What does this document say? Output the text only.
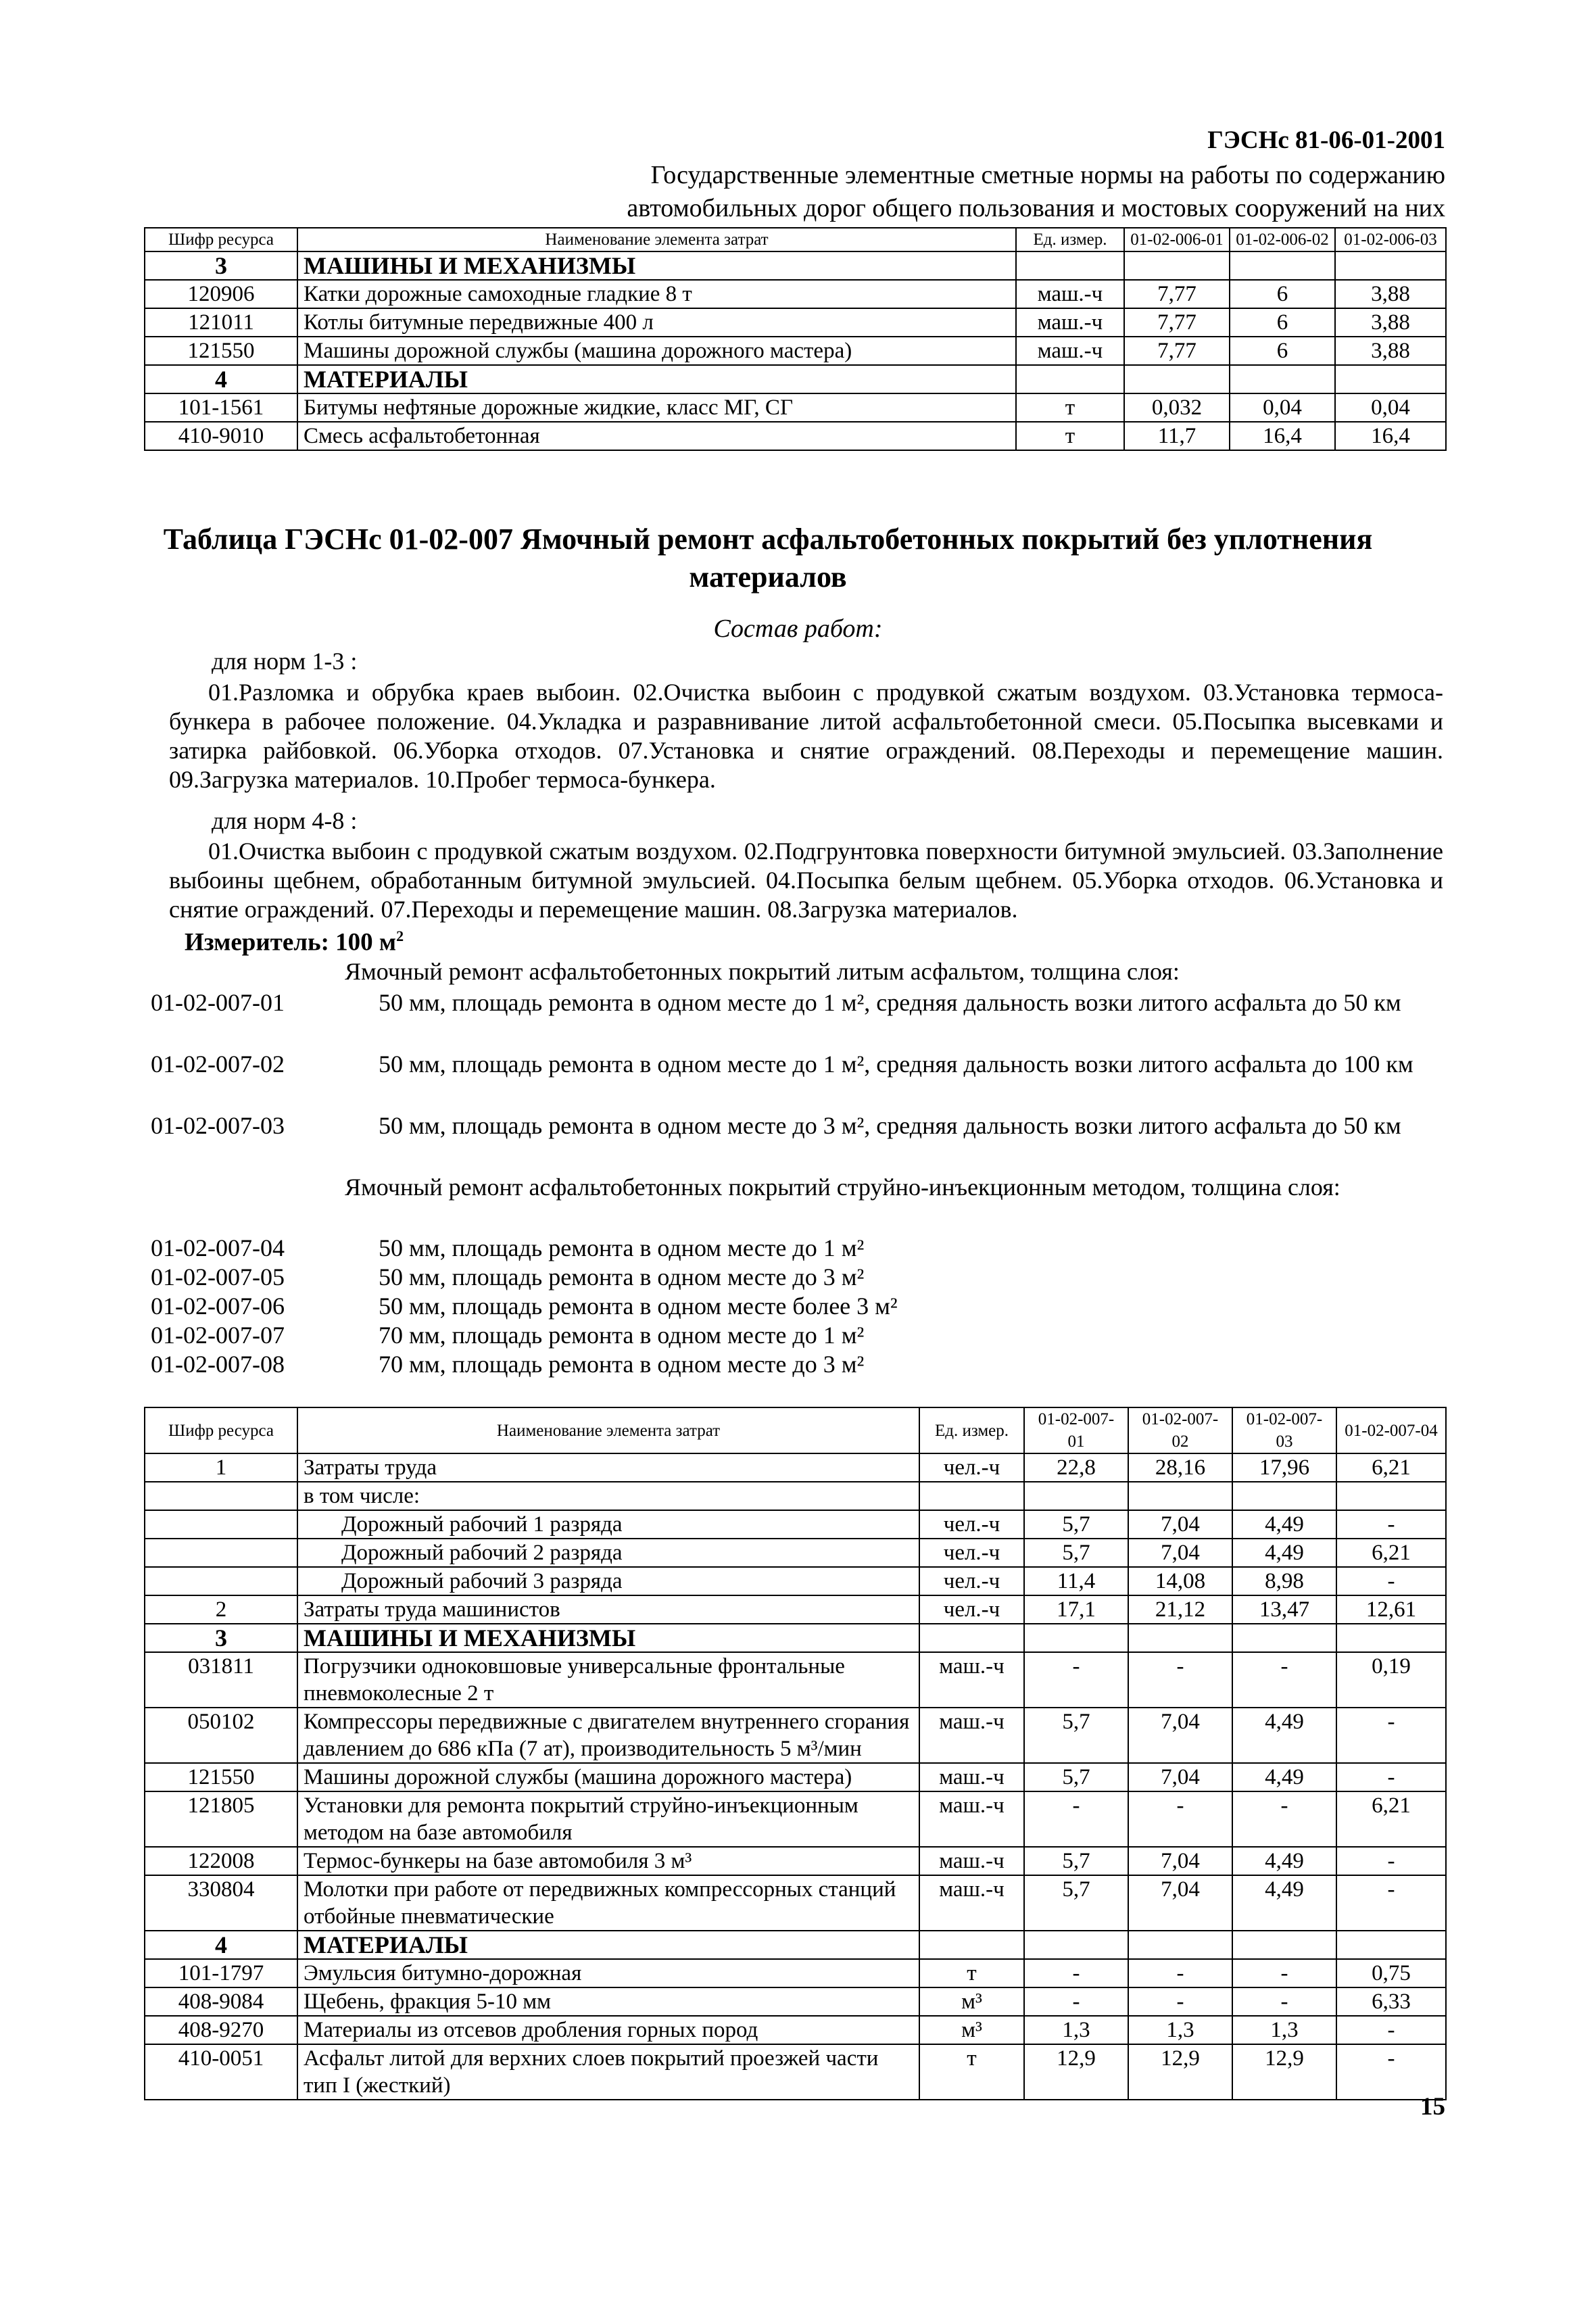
ГЭСНс 81-06-01-2001
Государственные элементные сметные нормы на работы по содержанию
автомобильных дорог общего пользования и мостовых сооружений на них
Шифр ресурса	Наименование элемента затрат	Ед. измер.	01-02-006-01	01-02-006-02	01-02-006-03
3	МАШИНЫ И МЕХАНИЗМЫ				
120906	Катки дорожные самоходные гладкие 8 т	маш.-ч	7,77	6	3,88
121011	Котлы битумные передвижные 400 л	маш.-ч	7,77	6	3,88
121550	Машины дорожной службы (машина дорожного мастера)	маш.-ч	7,77	6	3,88
4	МАТЕРИАЛЫ				
101-1561	Битумы нефтяные дорожные жидкие, класс МГ, СГ	т	0,032	0,04	0,04
410-9010	Смесь асфальтобетонная	т	11,7	16,4	16,4
Таблица ГЭСНс 01-02-007 Ямочный ремонт асфальтобетонных покрытий без уплотнения материалов
Состав работ:
для норм 1-3 :
01.Разломка и обрубка краев выбоин. 02.Очистка выбоин с продувкой сжатым воздухом. 03.Установка термоса-бункера в рабочее положение. 04.Укладка и разравнивание литой асфальтобетонной смеси. 05.Посыпка высевками и затирка райбовкой. 06.Уборка отходов. 07.Установка и снятие ограждений. 08.Переходы и перемещение машин. 09.Загрузка материалов. 10.Пробег термоса-бункера.
для норм 4-8 :
01.Очистка выбоин с продувкой сжатым воздухом. 02.Подгрунтовка поверхности битумной эмульсией. 03.Заполнение выбоины щебнем, обработанным битумной эмульсией. 04.Посыпка белым щебнем. 05.Уборка отходов. 06.Установка и снятие ограждений. 07.Переходы и перемещение машин. 08.Загрузка материалов.
Измеритель: 100 $м^2$
Ямочный ремонт асфальтобетонных покрытий литым асфальтом, толщина слоя:
01-02-007-01	50 мм, площадь ремонта в одном месте до 1 м², средняя дальность возки литого асфальта до 50 км
01-02-007-02	50 мм, площадь ремонта в одном месте до 1 м², средняя дальность возки литого асфальта до 100 км
01-02-007-03	50 мм, площадь ремонта в одном месте до 3 м², средняя дальность возки литого асфальта до 50 км
Ямочный ремонт асфальтобетонных покрытий струйно-инъекционным методом, толщина слоя:
01-02-007-04	50 мм, площадь ремонта в одном месте до 1 м²
01-02-007-05	50 мм, площадь ремонта в одном месте до 3 м²
01-02-007-06	50 мм, площадь ремонта в одном месте более 3 м²
01-02-007-07	70 мм, площадь ремонта в одном месте до 1 м²
01-02-007-08	70 мм, площадь ремонта в одном месте до 3 м²
Шифр ресурса	Наименование элемента затрат	Ед. измер.	01-02-007-01	01-02-007-02	01-02-007-03	01-02-007-04
1	Затраты труда	чел.-ч	22,8	28,16	17,96	6,21
	в том числе:					
	Дорожный рабочий 1 разряда	чел.-ч	5,7	7,04	4,49	-
	Дорожный рабочий 2 разряда	чел.-ч	5,7	7,04	4,49	6,21
	Дорожный рабочий 3 разряда	чел.-ч	11,4	14,08	8,98	-
2	Затраты труда машинистов	чел.-ч	17,1	21,12	13,47	12,61
3	МАШИНЫ И МЕХАНИЗМЫ					
031811	Погрузчики одноковшовые универсальные фронтальные пневмоколесные 2 т	маш.-ч	-	-	-	0,19
050102	Компрессоры передвижные с двигателем внутреннего сгорания давлением до 686 кПа (7 ат), производительность 5 м³/мин	маш.-ч	5,7	7,04	4,49	-
121550	Машины дорожной службы (машина дорожного мастера)	маш.-ч	5,7	7,04	4,49	-
121805	Установки для ремонта покрытий струйно-инъекционным методом на базе автомобиля	маш.-ч	-	-	-	6,21
122008	Термос-бункеры на базе автомобиля 3 м³	маш.-ч	5,7	7,04	4,49	-
330804	Молотки при работе от передвижных компрессорных станций отбойные пневматические	маш.-ч	5,7	7,04	4,49	-
4	МАТЕРИАЛЫ					
101-1797	Эмульсия битумно-дорожная	т	-	-	-	0,75
408-9084	Щебень, фракция 5-10 мм	м³	-	-	-	6,33
408-9270	Материалы из отсевов дробления горных пород	м³	1,3	1,3	1,3	-
410-0051	Асфальт литой для верхних слоев покрытий проезжей части тип I (жесткий)	т	12,9	12,9	12,9	-
15
